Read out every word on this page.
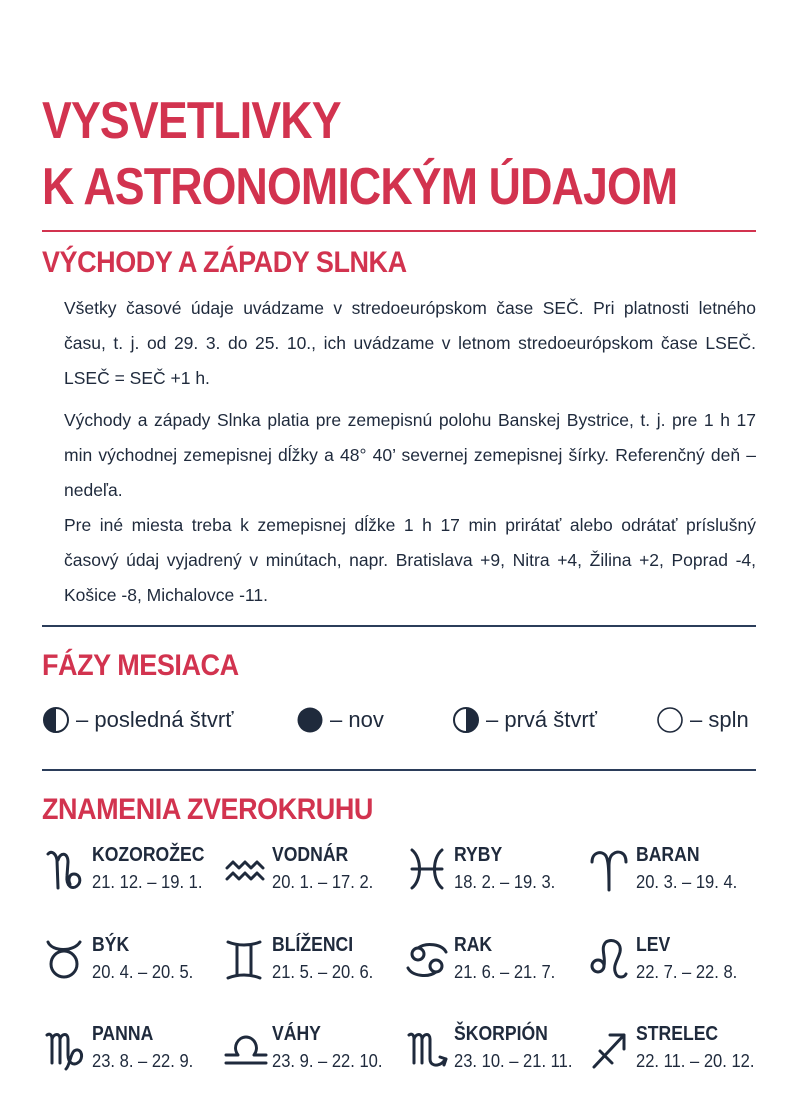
VYSVETLIVKY
K ASTRONOMICKÝM ÚDAJOM
VÝCHODY A ZÁPADY SLNKA
Všetky časové údaje uvádzame v stredoeurópskom čase SEČ. Pri platnosti letného času, t. j. od 29. 3. do 25. 10., ich uvádzame v letnom stredoeurópskom čase LSEČ. LSEČ = SEČ +1 h.
Východy a západy Slnka platia pre zemepisnú polohu Banskej Bystrice, t. j. pre 1 h 17 min východnej zemepisnej dĺžky a 48° 40’ severnej zemepisnej šírky. Referenčný deň – nedeľa.
Pre iné miesta treba k zemepisnej dĺžke 1 h 17 min prirátať alebo odrátať príslušný časový údaj vyjadrený v minútach, napr. Bratislava +9, Nitra +4, Žilina +2, Poprad -4, Košice -8, Michalovce -11.
FÁZY MESIACA
– posledná štvrť	– nov	– prvá štvrť	– spln
ZNAMENIA ZVEROKRUHU
KOZOROŽEC
21. 12. – 19. 1.
VODNÁR
20. 1. – 17. 2.
RYBY
18. 2. – 19. 3.
BARAN
20. 3. – 19. 4.
BÝK
20. 4. – 20. 5.
BLÍŽENCI
21. 5. – 20. 6.
RAK
21. 6. – 21. 7.
LEV
22. 7. – 22. 8.
PANNA
23. 8. – 22. 9.
VÁHY
23. 9. – 22. 10.
ŠKORPIÓN
23. 10. – 21. 11.
STRELEC
22. 11. – 20. 12.
